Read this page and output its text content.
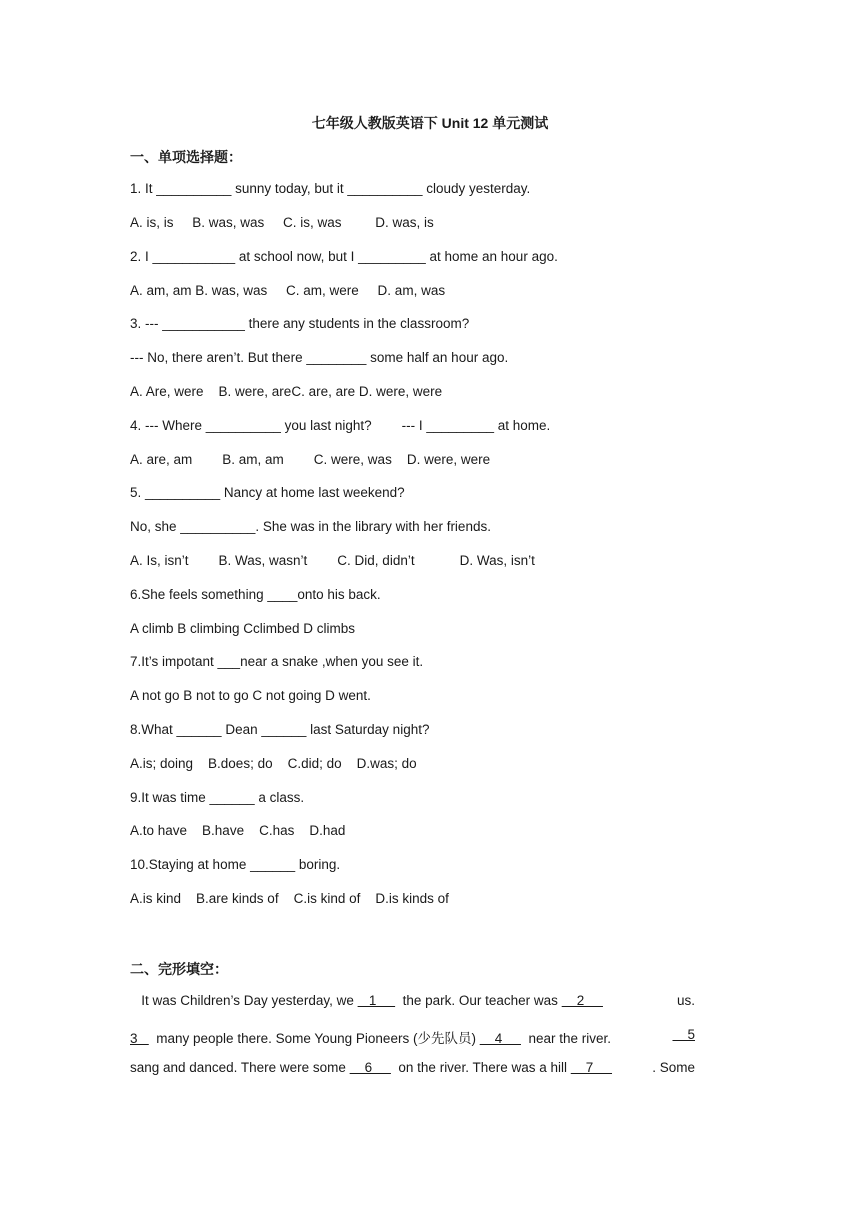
七年级人教版英语下 Unit 12 单元测试
一、单项选择题：
1. It __________ sunny today, but it __________ cloudy yesterday.
A. is, is     B. was, was     C. is, was         D. was, is
2. I ___________ at school now, but I _________ at home an hour ago.
A. am, am B. was, was     C. am, were     D. am, was
3. --- ___________ there any students in the classroom?
--- No, there aren’t. But there ________ some half an hour ago.
A. Are, were    B. were, areC. are, are D. were, were
4. --- Where __________ you last night?        --- I _________ at home.
A. are, am        B. am, am        C. were, was    D. were, were
5. __________ Nancy at home last weekend?
No, she __________. She was in the library with her friends.
A. Is, isn’t        B. Was, wasn’t        C. Did, didn’t            D. Was, isn’t
6.She feels something ____onto his back.
A climb B climbing Cclimbed D climbs
7.It’s impotant ___near a snake ,when you see it.
A not go B not to go C not going D went.
8.What ______ Dean ______ last Saturday night?
A.is; doing    B.does; do    C.did; do    D.was; do
9.It was time ______ a class.
A.to have    B.have    C.has    D.had
10.Staying at home ______ boring.
A.is kind    B.are kinds of    C.is kind of    D.is kinds of
二、完形填空：
It was Children’s Day yesterday, we    1       the park. Our teacher was     2	us.
3     many people there. Some Young Pioneers (少先队员)     4       near the river.	5
sang and danced. There were some     6       on the river. There was a hill     7	. Some
